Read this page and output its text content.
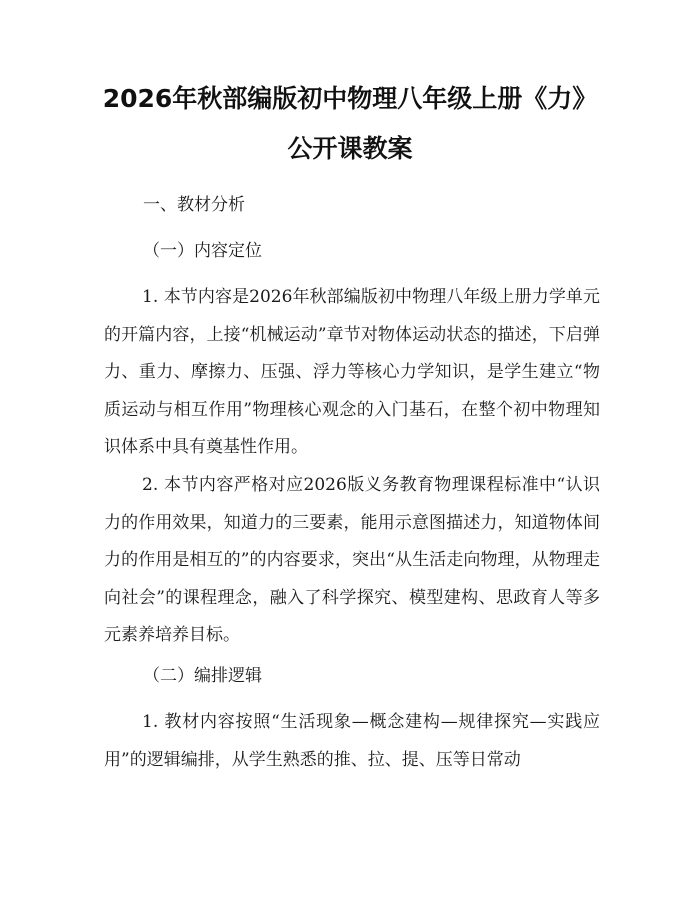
2026年秋部编版初中物理八年级上册《力》
公开课教案
一、教材分析
（一）内容定位

1. 本节内容是2026年秋部编版初中物理八年级上册力学单元的开篇内容，上接“机械运动”章节对物体运动状态的描述，下启弹力、重力、摩擦力、压强、浮力等核心力学知识，是学生建立“物质运动与相互作用”物理核心观念的入门基石，在整个初中物理知识体系中具有奠基性作用。

2. 本节内容严格对应2026版义务教育物理课程标准中“认识力的作用效果，知道力的三要素，能用示意图描述力，知道物体间力的作用是相互的”的内容要求，突出“从生活走向物理，从物理走向社会”的课程理念，融入了科学探究、模型建构、思政育人等多元素养培养目标。

（二）编排逻辑

1. 教材内容按照“生活现象—概念建构—规律探究—实践应用”的逻辑编排，从学生熟悉的推、拉、提、压等日常动
